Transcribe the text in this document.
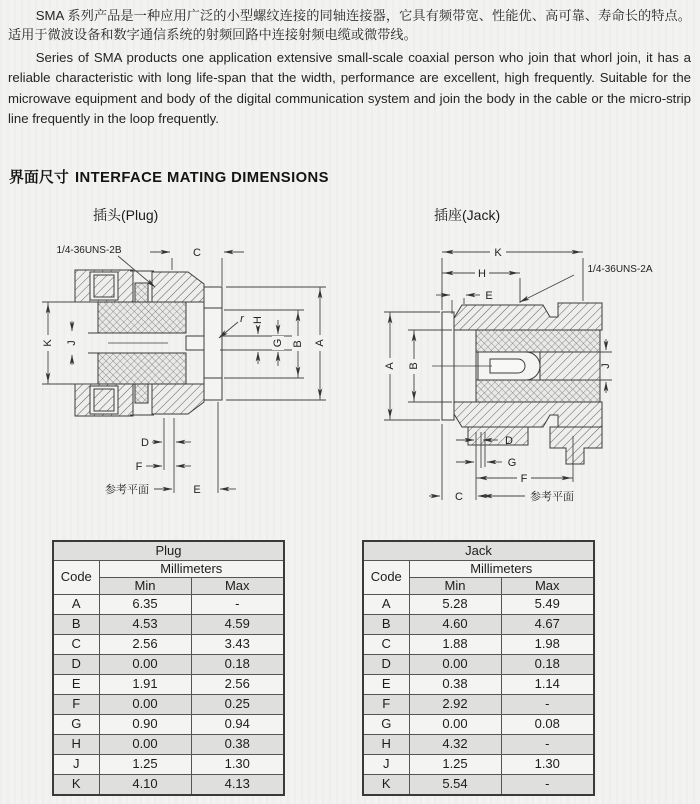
SMA 系列产品是一种应用广泛的小型螺纹连接的同轴连接器，它具有频带宽、性能优、高可靠、寿命长的特点。适用于微波设备和数字通信系统的射频回路中连接射频电缆或微带线。

Series of SMA products one application extensive small-scale coaxial person who join that whorl join, it has a reliable characteristic with long life-span that the width, performance are excellent, high frequently. Suitable for the microwave equipment and body of the digital communication system and join the body in the cable or the micro-strip line frequently in the loop frequently.

界面尺寸 INTERFACE MATING DIMENSIONS
插头(Plug)	插座(Jack)
1/4-36UNS-2B	C
K J
r H
G B A
D
F
参考平面	E
K
H
E
1/4-36UNS-2A
A B	J
D
G
F
C	参考平面
Plug		
Code	Millimeters	
	Min	Max
A	6.35	-
B	4.53	4.59
C	2.56	3.43
D	0.00	0.18
E	1.91	2.56
F	0.00	0.25
G	0.90	0.94
H	0.00	0.38
J	1.25	1.30
K	4.10	4.13
Jack		
Code	Millimeters	
	Min	Max
A	5.28	5.49
B	4.60	4.67
C	1.88	1.98
D	0.00	0.18
E	0.38	1.14
F	2.92	-
G	0.00	0.08
H	4.32	-
J	1.25	1.30
K	5.54	-
